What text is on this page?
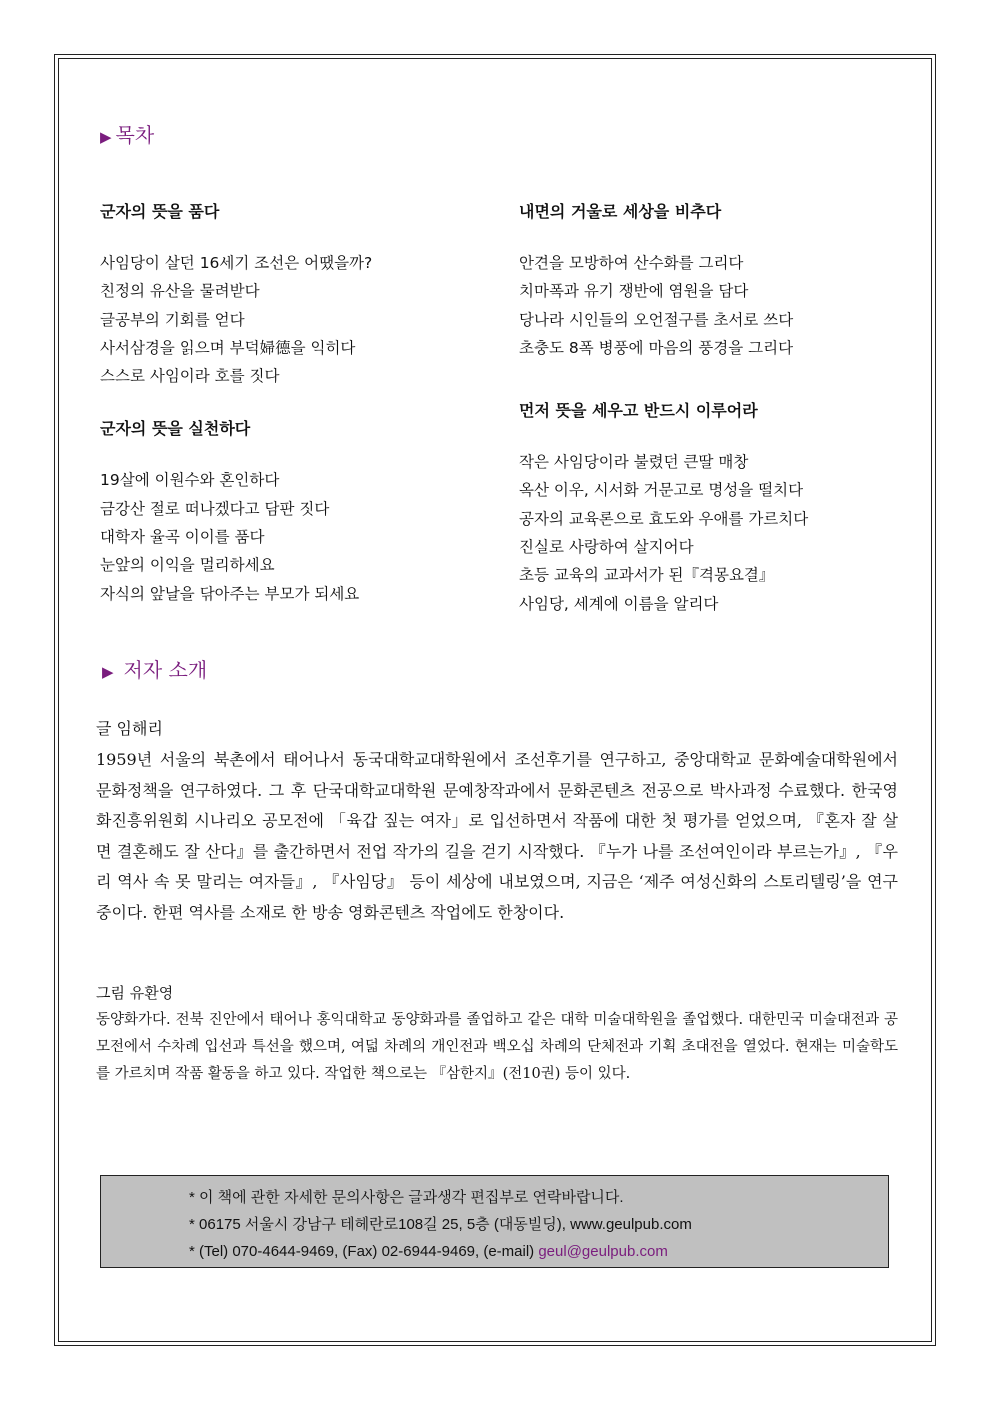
▶ 목차
군자의 뜻을 품다
사임당이 살던 16세기 조선은 어땠을까?
친정의 유산을 물려받다
글공부의 기회를 얻다
사서삼경을 읽으며 부덕婦德을 익히다
스스로 사임이라 호를 짓다
군자의 뜻을 실천하다
19살에 이원수와 혼인하다
금강산 절로 떠나겠다고 담판 짓다
대학자 율곡 이이를 품다
눈앞의 이익을 멀리하세요
자식의 앞날을 닦아주는 부모가 되세요
내면의 거울로 세상을 비추다
안견을 모방하여 산수화를 그리다
치마폭과 유기 쟁반에 염원을 담다
당나라 시인들의 오언절구를 초서로 쓰다
초충도 8폭 병풍에 마음의 풍경을 그리다
먼저 뜻을 세우고 반드시 이루어라
작은 사임당이라 불렸던 큰딸 매창
옥산 이우, 시서화 거문고로 명성을 떨치다
공자의 교육론으로 효도와 우애를 가르치다
진실로 사랑하여 살지어다
초등 교육의 교과서가 된『격몽요결』
사임당, 세계에 이름을 알리다
▶ 저자 소개
글 임해리
1959년 서울의 북촌에서 태어나서 동국대학교대학원에서 조선후기를 연구하고, 중앙대학교 문화예술대학원에서 문화정책을 연구하였다. 그 후 단국대학교대학원 문예창작과에서 문화콘텐츠 전공으로 박사과정 수료했다. 한국영화진흥위원회 시나리오 공모전에 「육갑 짚는 여자」로 입선하면서 작품에 대한 첫 평가를 얻었으며, 『혼자 잘 살면 결혼해도 잘 산다』를 출간하면서 전업 작가의 길을 걷기 시작했다. 『누가 나를 조선여인이라 부르는가』, 『우리 역사 속 못 말리는 여자들』, 『사임당』 등이 세상에 내보였으며, 지금은 ‘제주 여성신화의 스토리텔링’을 연구 중이다. 한편 역사를 소재로 한 방송 영화콘텐츠 작업에도 한창이다.
그림 유환영
동양화가다. 전북 진안에서 태어나 홍익대학교 동양화과를 졸업하고 같은 대학 미술대학원을 졸업했다. 대한민국 미술대전과 공모전에서 수차례 입선과 특선을 했으며, 여덟 차례의 개인전과 백오십 차례의 단체전과 기획 초대전을 열었다. 현재는 미술학도를 가르치며 작품 활동을 하고 있다. 작업한 책으로는 『삼한지』(전10권) 등이 있다.
* 이 책에 관한 자세한 문의사항은 글과생각 편집부로 연락바랍니다.
* 06175 서울시 강남구 테헤란로108길 25, 5층 (대동빌딩), www.geulpub.com
* (Tel) 070-4644-9469, (Fax) 02-6944-9469, (e-mail) geul@geulpub.com
